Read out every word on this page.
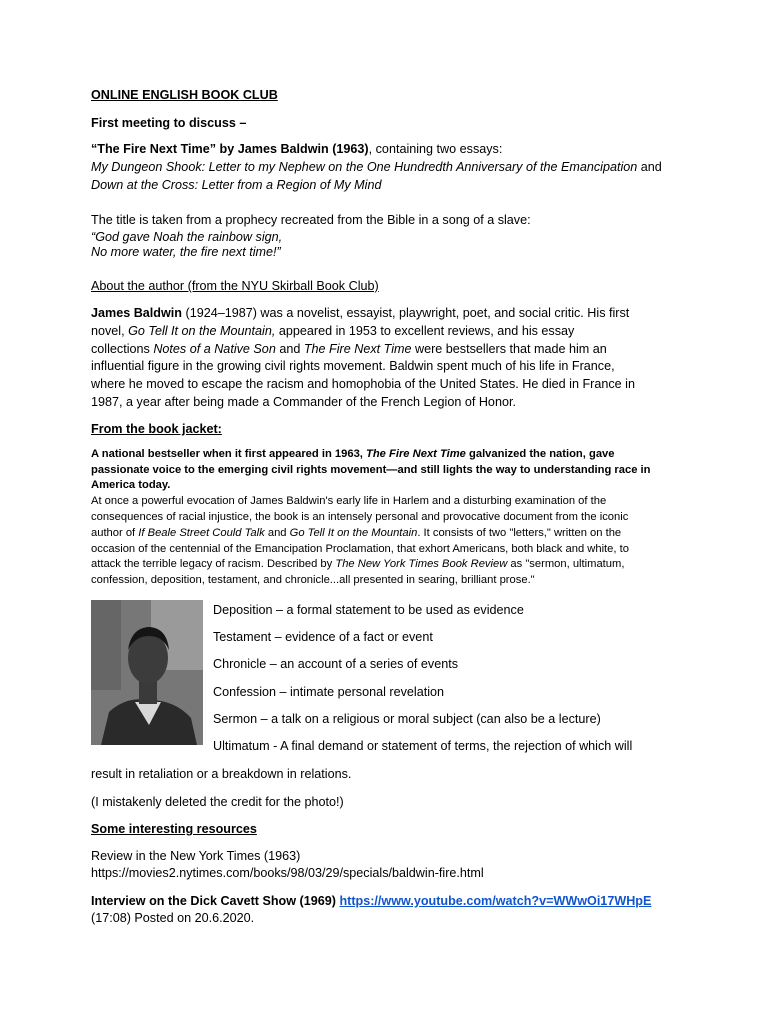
ONLINE ENGLISH BOOK CLUB
First meeting to discuss –
“The Fire Next Time” by James Baldwin (1963), containing two essays:
My Dungeon Shook: Letter to my Nephew on the One Hundredth Anniversary of the Emancipation and
Down at the Cross: Letter from a Region of My Mind
The title is taken from a prophecy recreated from the Bible in a song of a slave:
“God gave Noah the rainbow sign,
No more water, the fire next time!”
About the author (from the NYU Skirball Book Club)
James Baldwin (1924–1987) was a novelist, essayist, playwright, poet, and social critic. His first
novel, Go Tell It on the Mountain, appeared in 1953 to excellent reviews, and his essay
collections Notes of a Native Son and The Fire Next Time were bestsellers that made him an
influential figure in the growing civil rights movement. Baldwin spent much of his life in France,
where he moved to escape the racism and homophobia of the United States. He died in France in
1987, a year after being made a Commander of the French Legion of Honor.
From the book jacket:
A national bestseller when it first appeared in 1963, The Fire Next Time galvanized the nation, gave
passionate voice to the emerging civil rights movement—and still lights the way to understanding race in
America today.
At once a powerful evocation of James Baldwin's early life in Harlem and a disturbing examination of the
consequences of racial injustice, the book is an intensely personal and provocative document from the iconic
author of If Beale Street Could Talk and Go Tell It on the Mountain. It consists of two "letters," written on the
occasion of the centennial of the Emancipation Proclamation, that exhort Americans, both black and white, to
attack the terrible legacy of racism. Described by The New York Times Book Review as "sermon, ultimatum,
confession, deposition, testament, and chronicle...all presented in searing, brilliant prose."
Deposition – a formal statement to be used as evidence
Testament – evidence of a fact or event
Chronicle – an account of a series of events
Confession – intimate personal revelation
Sermon – a talk on a religious or moral subject (can also be a lecture)
Ultimatum - A final demand or statement of terms, the rejection of which will
result in retaliation or a breakdown in relations.
(I mistakenly deleted the credit for the photo!)
Some interesting resources
Review in the New York Times (1963)
https://movies2.nytimes.com/books/98/03/29/specials/baldwin-fire.html
Interview on the Dick Cavett Show (1969) https://www.youtube.com/watch?v=WWwOi17WHpE
(17:08) Posted on 20.6.2020.
